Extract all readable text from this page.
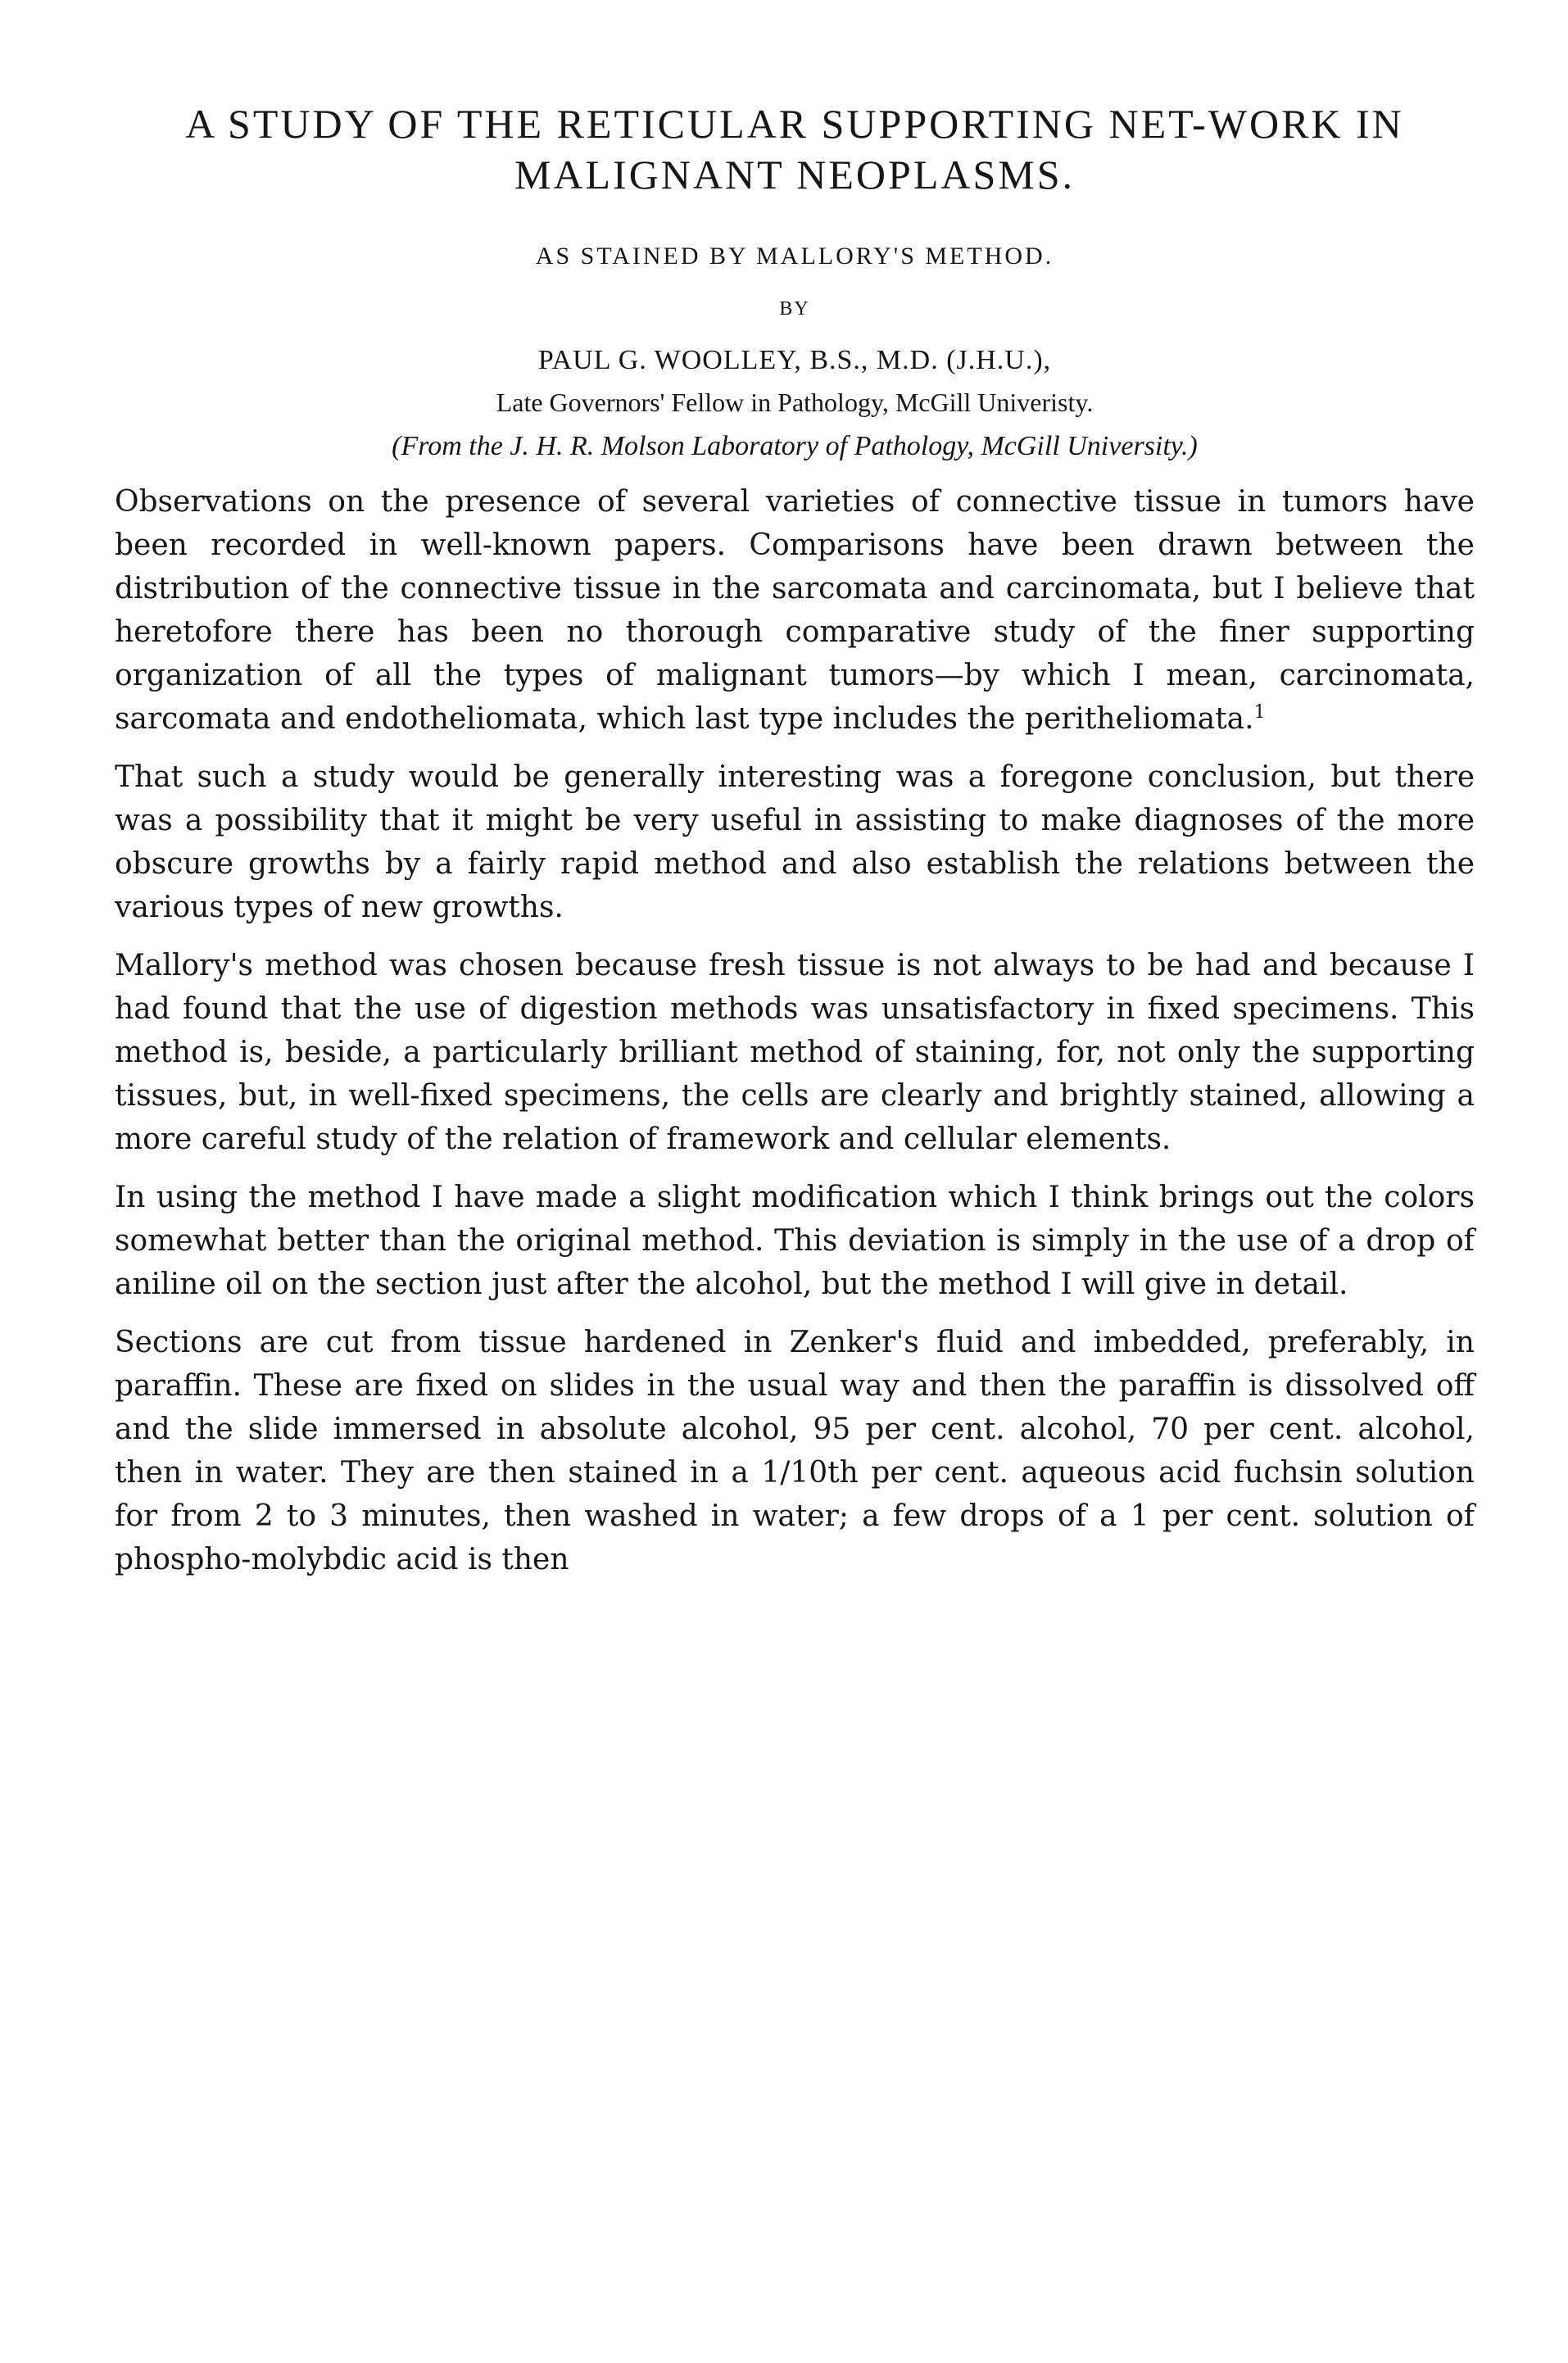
A STUDY OF THE RETICULAR SUPPORTING NET-WORK IN MALIGNANT NEOPLASMS.
AS STAINED BY MALLORY'S METHOD.
BY
PAUL G. WOOLLEY, B.S., M.D. (J.H.U.),
Late Governors' Fellow in Pathology, McGill Univeristy.
(From the J. H. R. Molson Laboratory of Pathology, McGill University.)

Observations on the presence of several varieties of connective tissue in tumors have been recorded in well-known papers. Comparisons have been drawn between the distribution of the connective tissue in the sarcomata and carcinomata, but I believe that heretofore there has been no thorough comparative study of the finer supporting organization of all the types of malignant tumors—by which I mean, carcinomata, sarcomata and endotheliomata, which last type includes the peritheliomata.$^1$

That such a study would be generally interesting was a foregone conclusion, but there was a possibility that it might be very useful in assisting to make diagnoses of the more obscure growths by a fairly rapid method and also establish the relations between the various types of new growths.

Mallory's method was chosen because fresh tissue is not always to be had and because I had found that the use of digestion methods was unsatisfactory in fixed specimens. This method is, beside, a particularly brilliant method of staining, for, not only the supporting tissues, but, in well-fixed specimens, the cells are clearly and brightly stained, allowing a more careful study of the relation of framework and cellular elements.

In using the method I have made a slight modification which I think brings out the colors somewhat better than the original method. This deviation is simply in the use of a drop of aniline oil on the section just after the alcohol, but the method I will give in detail.

Sections are cut from tissue hardened in Zenker's fluid and imbedded, preferably, in paraffin. These are fixed on slides in the usual way and then the paraffin is dissolved off and the slide immersed in absolute alcohol, 95 per cent. alcohol, 70 per cent. alcohol, then in water. They are then stained in a 1/10th per cent. aqueous acid fuchsin solution for from 2 to 3 minutes, then washed in water; a few drops of a 1 per cent. solution of phospho-molybdic acid is then
